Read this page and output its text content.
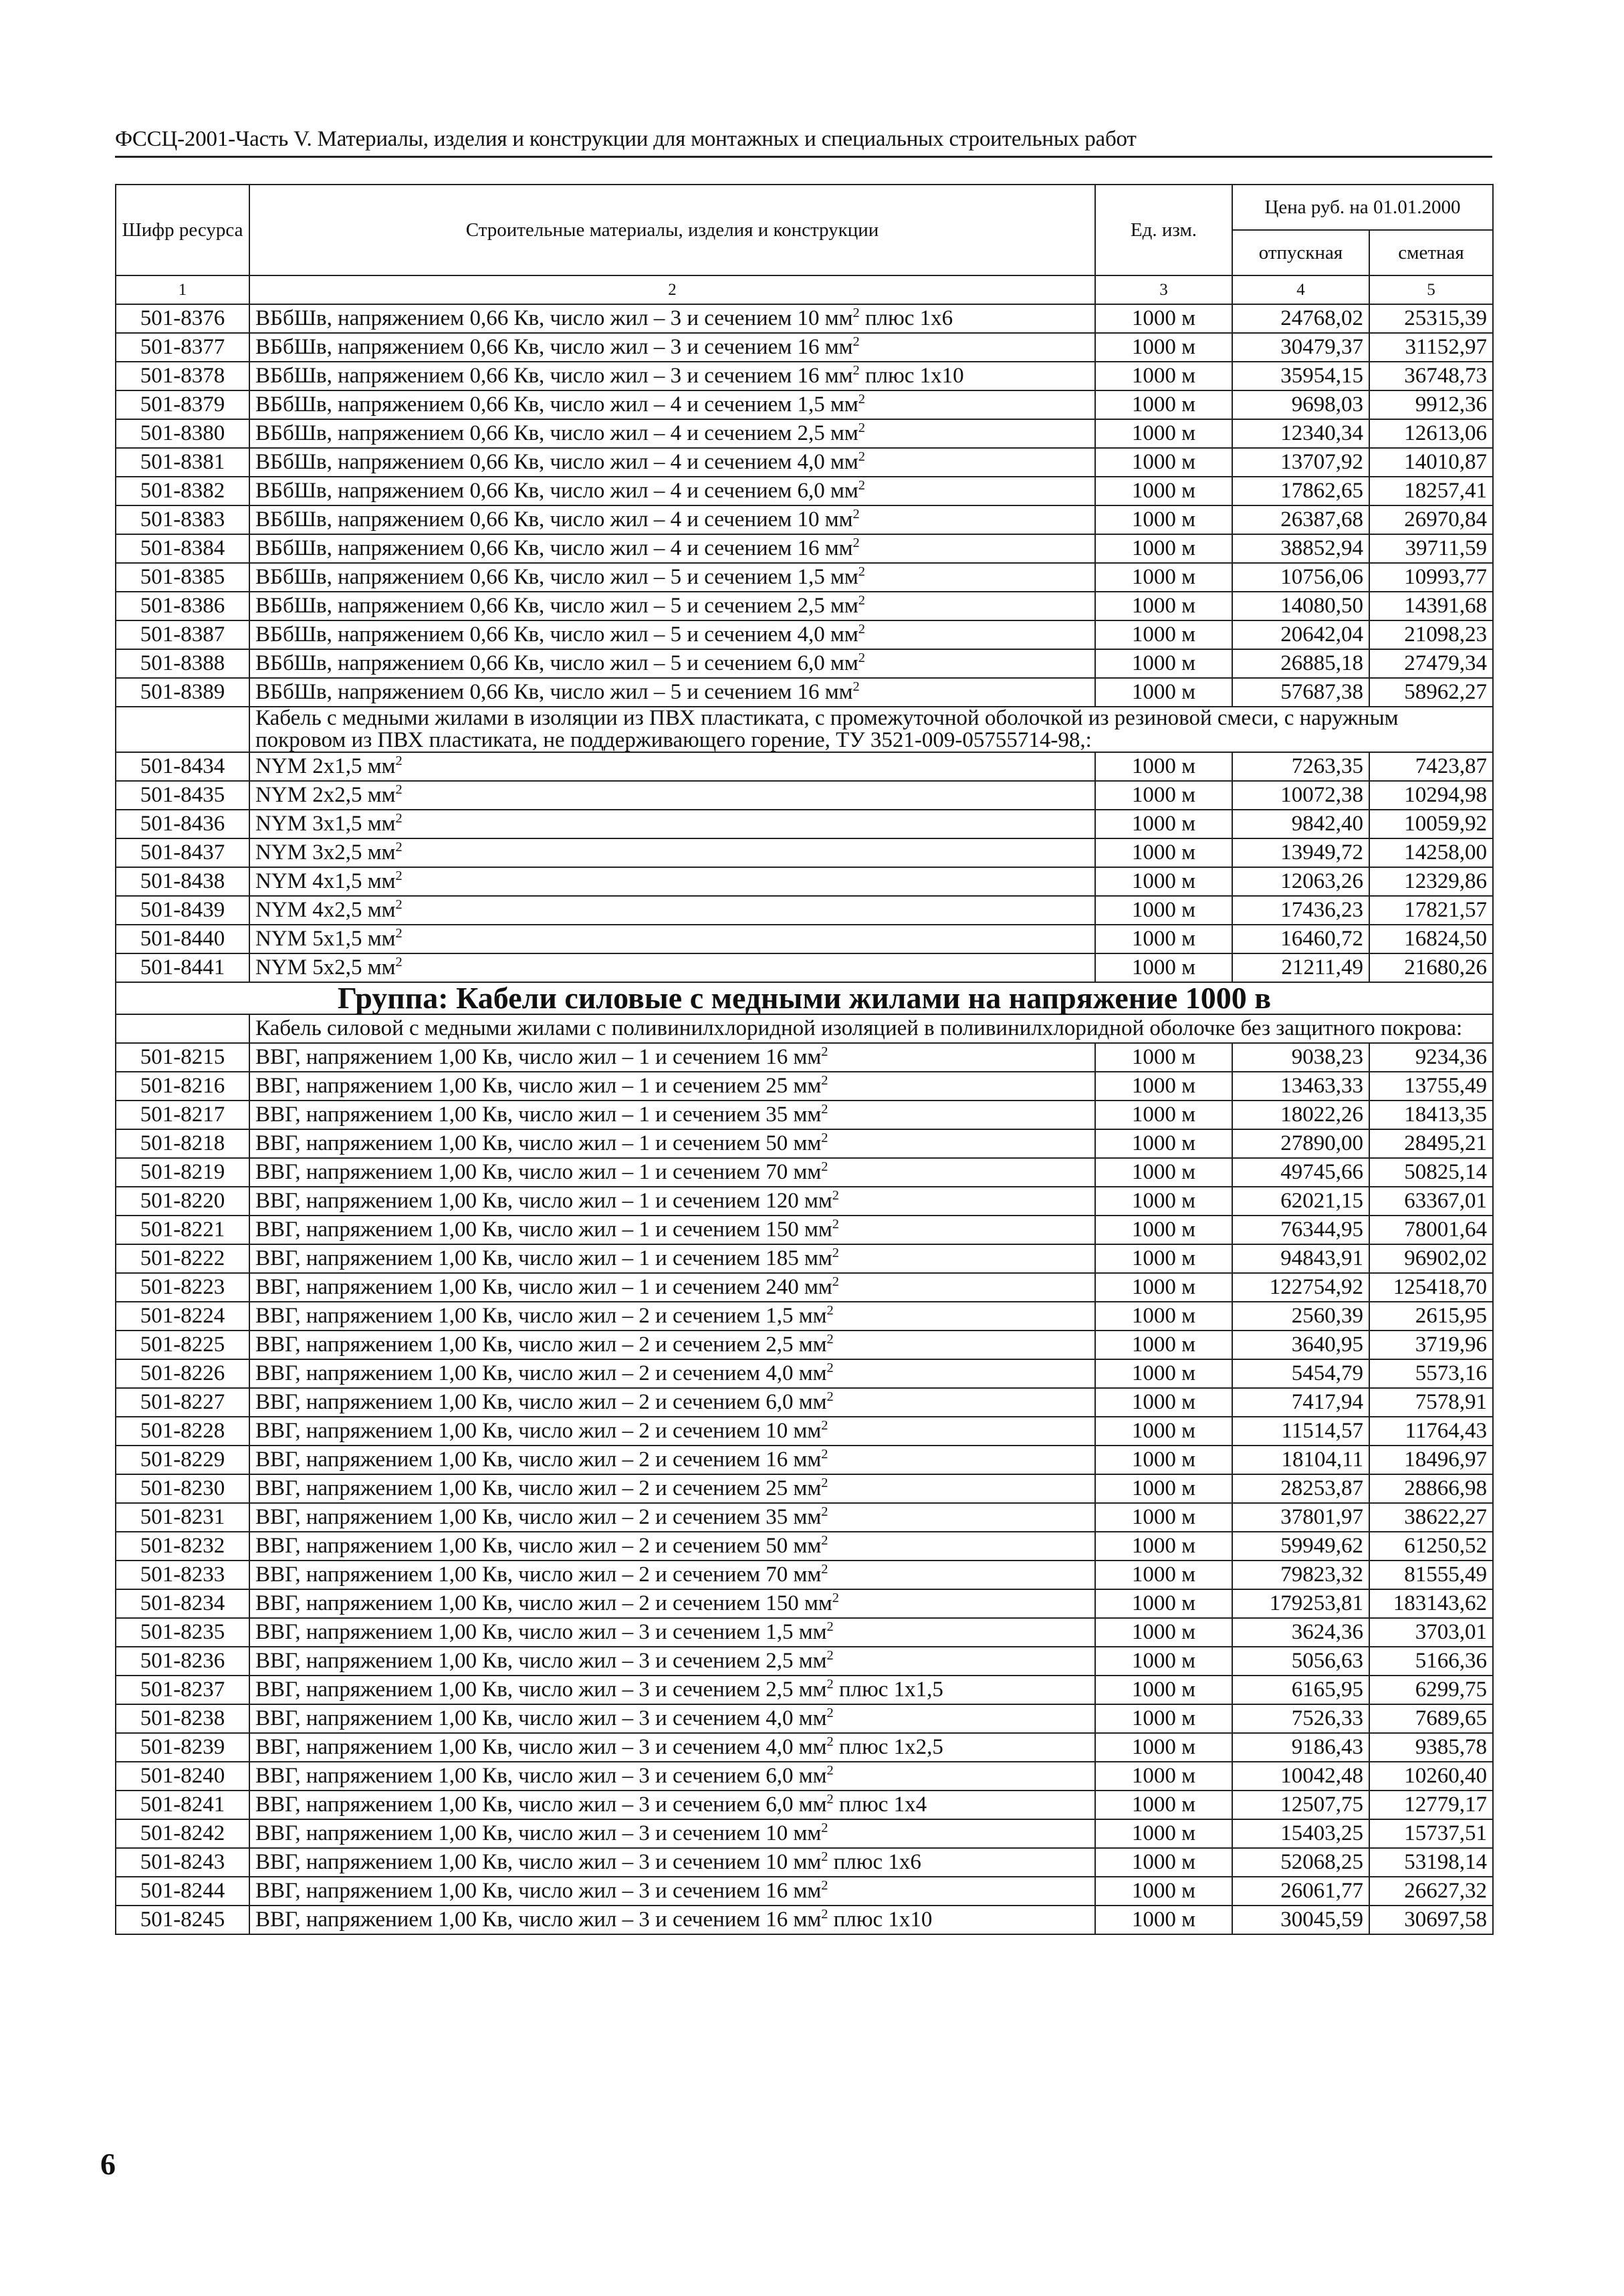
ФССЦ-2001-Часть V. Материалы, изделия и конструкции для монтажных и специальных строительных работ
Шифр ресурса	Строительные материалы, изделия и конструкции	Ед. изм.	Цена руб. на 01.01.2000	
			отпускная	сметная
1	2	3	4	5
501-8376	ВБбШв, напряжением 0,66 Кв, число жил – 3 и сечением 10 $мм^2$ плюс 1х6	1000 м	24768,02	25315,39
501-8377	ВБбШв, напряжением 0,66 Кв, число жил – 3 и сечением 16 $мм^2$	1000 м	30479,37	31152,97
501-8378	ВБбШв, напряжением 0,66 Кв, число жил – 3 и сечением 16 $мм^2$ плюс 1х10	1000 м	35954,15	36748,73
501-8379	ВБбШв, напряжением 0,66 Кв, число жил – 4 и сечением 1,5 $мм^2$	1000 м	9698,03	9912,36
501-8380	ВБбШв, напряжением 0,66 Кв, число жил – 4 и сечением 2,5 $мм^2$	1000 м	12340,34	12613,06
501-8381	ВБбШв, напряжением 0,66 Кв, число жил – 4 и сечением 4,0 $мм^2$	1000 м	13707,92	14010,87
501-8382	ВБбШв, напряжением 0,66 Кв, число жил – 4 и сечением 6,0 $мм^2$	1000 м	17862,65	18257,41
501-8383	ВБбШв, напряжением 0,66 Кв, число жил – 4 и сечением 10 $мм^2$	1000 м	26387,68	26970,84
501-8384	ВБбШв, напряжением 0,66 Кв, число жил – 4 и сечением 16 $мм^2$	1000 м	38852,94	39711,59
501-8385	ВБбШв, напряжением 0,66 Кв, число жил – 5 и сечением 1,5 $мм^2$	1000 м	10756,06	10993,77
501-8386	ВБбШв, напряжением 0,66 Кв, число жил – 5 и сечением 2,5 $мм^2$	1000 м	14080,50	14391,68
501-8387	ВБбШв, напряжением 0,66 Кв, число жил – 5 и сечением 4,0 $мм^2$	1000 м	20642,04	21098,23
501-8388	ВБбШв, напряжением 0,66 Кв, число жил – 5 и сечением 6,0 $мм^2$	1000 м	26885,18	27479,34
501-8389	ВБбШв, напряжением 0,66 Кв, число жил – 5 и сечением 16 $мм^2$	1000 м	57687,38	58962,27
	Кабель с медными жилами в изоляции из ПВХ пластиката, с промежуточной оболочкой из резиновой смеси, с наружным покровом из ПВХ пластиката, не поддерживающего горение, ТУ 3521-009-05755714-98,:			
501-8434	NYM 2х1,5 $мм^2$	1000 м	7263,35	7423,87
501-8435	NYM 2х2,5 $мм^2$	1000 м	10072,38	10294,98
501-8436	NYM 3х1,5 $мм^2$	1000 м	9842,40	10059,92
501-8437	NYM 3х2,5 $мм^2$	1000 м	13949,72	14258,00
501-8438	NYM 4х1,5 $мм^2$	1000 м	12063,26	12329,86
501-8439	NYM 4х2,5 $мм^2$	1000 м	17436,23	17821,57
501-8440	NYM 5х1,5 $мм^2$	1000 м	16460,72	16824,50
501-8441	NYM 5х2,5 $мм^2$	1000 м	21211,49	21680,26
Группа: Кабели силовые с медными жилами на напряжение 1000 в				
	Кабель силовой с медными жилами с поливинилхлоридной изоляцией в поливинилхлоридной оболочке без защитного покрова:			
501-8215	ВВГ, напряжением 1,00 Кв, число жил – 1 и сечением 16 $мм^2$	1000 м	9038,23	9234,36
501-8216	ВВГ, напряжением 1,00 Кв, число жил – 1 и сечением 25 $мм^2$	1000 м	13463,33	13755,49
501-8217	ВВГ, напряжением 1,00 Кв, число жил – 1 и сечением 35 $мм^2$	1000 м	18022,26	18413,35
501-8218	ВВГ, напряжением 1,00 Кв, число жил – 1 и сечением 50 $мм^2$	1000 м	27890,00	28495,21
501-8219	ВВГ, напряжением 1,00 Кв, число жил – 1 и сечением 70 $мм^2$	1000 м	49745,66	50825,14
501-8220	ВВГ, напряжением 1,00 Кв, число жил – 1 и сечением 120 $мм^2$	1000 м	62021,15	63367,01
501-8221	ВВГ, напряжением 1,00 Кв, число жил – 1 и сечением 150 $мм^2$	1000 м	76344,95	78001,64
501-8222	ВВГ, напряжением 1,00 Кв, число жил – 1 и сечением 185 $мм^2$	1000 м	94843,91	96902,02
501-8223	ВВГ, напряжением 1,00 Кв, число жил – 1 и сечением 240 $мм^2$	1000 м	122754,92	125418,70
501-8224	ВВГ, напряжением 1,00 Кв, число жил – 2 и сечением 1,5 $мм^2$	1000 м	2560,39	2615,95
501-8225	ВВГ, напряжением 1,00 Кв, число жил – 2 и сечением 2,5 $мм^2$	1000 м	3640,95	3719,96
501-8226	ВВГ, напряжением 1,00 Кв, число жил – 2 и сечением 4,0 $мм^2$	1000 м	5454,79	5573,16
501-8227	ВВГ, напряжением 1,00 Кв, число жил – 2 и сечением 6,0 $мм^2$	1000 м	7417,94	7578,91
501-8228	ВВГ, напряжением 1,00 Кв, число жил – 2 и сечением 10 $мм^2$	1000 м	11514,57	11764,43
501-8229	ВВГ, напряжением 1,00 Кв, число жил – 2 и сечением 16 $мм^2$	1000 м	18104,11	18496,97
501-8230	ВВГ, напряжением 1,00 Кв, число жил – 2 и сечением 25 $мм^2$	1000 м	28253,87	28866,98
501-8231	ВВГ, напряжением 1,00 Кв, число жил – 2 и сечением 35 $мм^2$	1000 м	37801,97	38622,27
501-8232	ВВГ, напряжением 1,00 Кв, число жил – 2 и сечением 50 $мм^2$	1000 м	59949,62	61250,52
501-8233	ВВГ, напряжением 1,00 Кв, число жил – 2 и сечением 70 $мм^2$	1000 м	79823,32	81555,49
501-8234	ВВГ, напряжением 1,00 Кв, число жил – 2 и сечением 150 $мм^2$	1000 м	179253,81	183143,62
501-8235	ВВГ, напряжением 1,00 Кв, число жил – 3 и сечением 1,5 $мм^2$	1000 м	3624,36	3703,01
501-8236	ВВГ, напряжением 1,00 Кв, число жил – 3 и сечением 2,5 $мм^2$	1000 м	5056,63	5166,36
501-8237	ВВГ, напряжением 1,00 Кв, число жил – 3 и сечением 2,5 $мм^2$ плюс 1х1,5	1000 м	6165,95	6299,75
501-8238	ВВГ, напряжением 1,00 Кв, число жил – 3 и сечением 4,0 $мм^2$	1000 м	7526,33	7689,65
501-8239	ВВГ, напряжением 1,00 Кв, число жил – 3 и сечением 4,0 $мм^2$ плюс 1х2,5	1000 м	9186,43	9385,78
501-8240	ВВГ, напряжением 1,00 Кв, число жил – 3 и сечением 6,0 $мм^2$	1000 м	10042,48	10260,40
501-8241	ВВГ, напряжением 1,00 Кв, число жил – 3 и сечением 6,0 $мм^2$ плюс 1х4	1000 м	12507,75	12779,17
501-8242	ВВГ, напряжением 1,00 Кв, число жил – 3 и сечением 10 $мм^2$	1000 м	15403,25	15737,51
501-8243	ВВГ, напряжением 1,00 Кв, число жил – 3 и сечением 10 $мм^2$ плюс 1х6	1000 м	52068,25	53198,14
501-8244	ВВГ, напряжением 1,00 Кв, число жил – 3 и сечением 16 $мм^2$	1000 м	26061,77	26627,32
501-8245	ВВГ, напряжением 1,00 Кв, число жил – 3 и сечением 16 $мм^2$ плюс 1х10	1000 м	30045,59	30697,58
6
